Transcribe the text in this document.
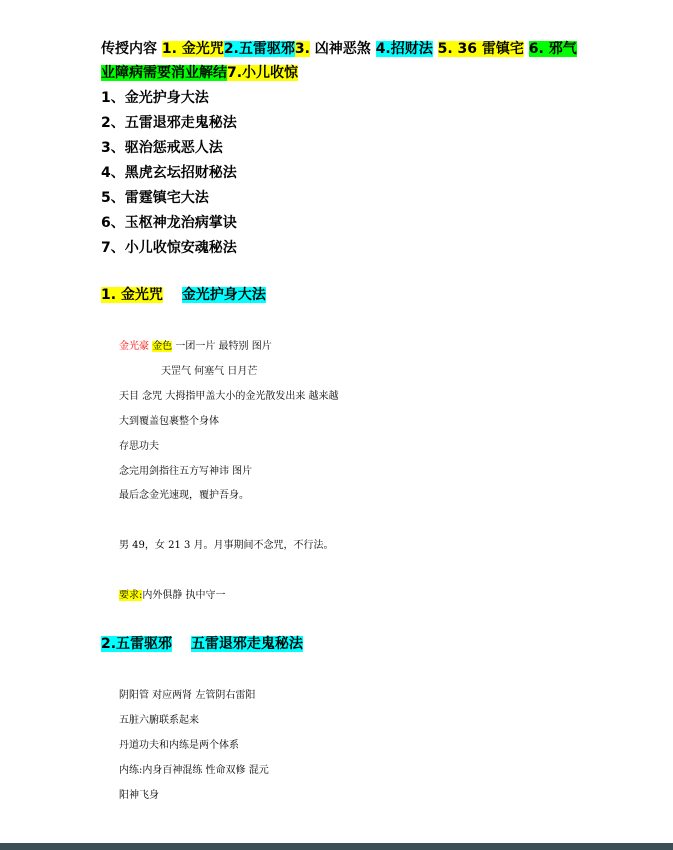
传授内容 1. 金光咒2.五雷驱邪3. 凶神恶煞 4.招财法 5. 36 雷镇宅 6. 邪气 业障病需要消业解结7.小儿收惊
1、金光护身大法
2、五雷退邪走鬼秘法
3、驱治惩戒恶人法
4、黑虎玄坛招财秘法
5、雷霆镇宅大法
6、玉枢神龙治病掌诀
7、小儿收惊安魂秘法
1. 金光咒 金光护身大法
金光豪 金色 一团一片 最特别 图片
天罡气 何塞气 日月芒
天目 念咒 大拇指甲盖大小的金光散发出来 越来越
大到覆盖包裹整个身体
存思功夫
念完用剑指往五方写神讳 图片
最后念金光速现，覆护吾身。
男 49，女 21 3 月。月事期间不念咒，不行法。
要求:内外俱静 执中守一
2.五雷驱邪 五雷退邪走鬼秘法
阴阳管 对应两肾 左管阴右雷阳
五脏六腑联系起来
丹道功夫和内练是两个体系
内练:内身百神混练 性命双修 混元
阳神飞身
